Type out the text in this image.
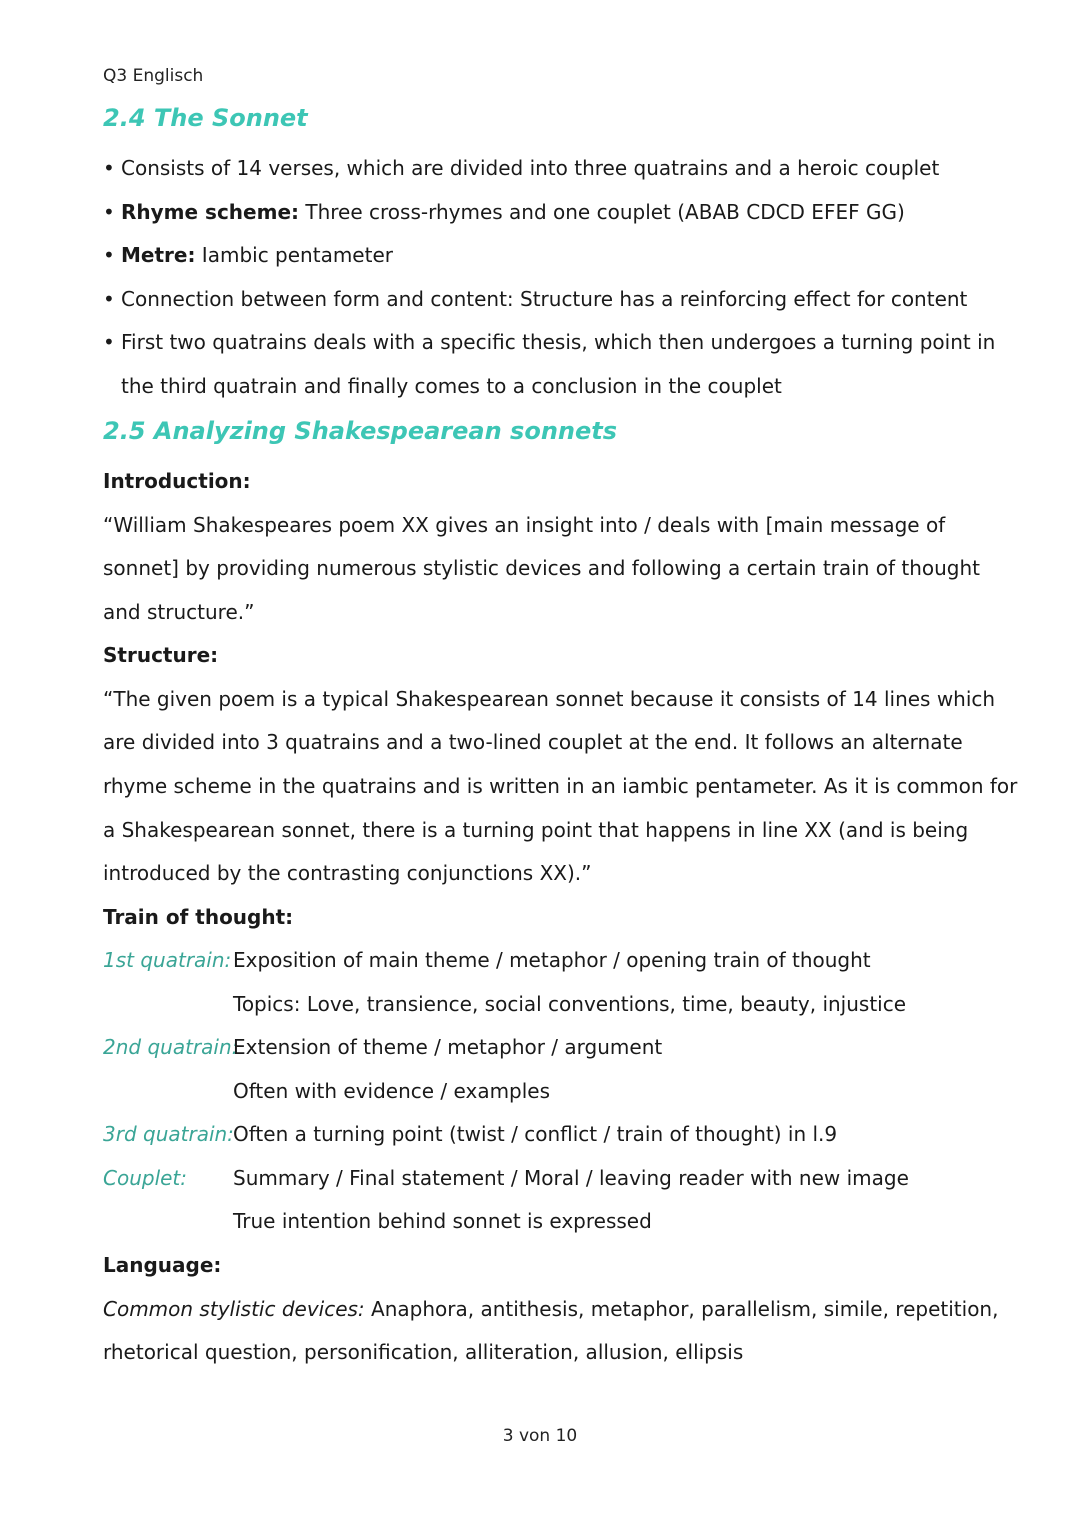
Q3 Englisch
2.4 The Sonnet
• Consists of 14 verses, which are divided into three quatrains and a heroic couplet
• Rhyme scheme: Three cross-rhymes and one couplet (ABAB CDCD EFEF GG)
• Metre: Iambic pentameter
• Connection between form and content: Structure has a reinforcing effect for content
• First two quatrains deals with a specific thesis, which then undergoes a turning point in
the third quatrain and finally comes to a conclusion in the couplet
2.5 Analyzing Shakespearean sonnets
Introduction:
“William Shakespeares poem XX gives an insight into / deals with [main message of
sonnet] by providing numerous stylistic devices and following a certain train of thought
and structure.”
Structure:
“The given poem is a typical Shakespearean sonnet because it consists of 14 lines which
are divided into 3 quatrains and a two-lined couplet at the end. It follows an alternate
rhyme scheme in the quatrains and is written in an iambic pentameter. As it is common for
a Shakespearean sonnet, there is a turning point that happens in line XX (and is being
introduced by the contrasting conjunctions XX).”
Train of thought:
1st quatrain: Exposition of main theme / metaphor / opening train of thought
Topics: Love, transience, social conventions, time, beauty, injustice
2nd quatrain:
Extension of theme / metaphor / argument
Often with evidence / examples
3rd quatrain: Often a turning point (twist / conflict / train of thought) in l.9
Couplet: Summary / Final statement / Moral / leaving reader with new image
True intention behind sonnet is expressed
Language:
Common stylistic devices: Anaphora, antithesis, metaphor, parallelism, simile, repetition,
rhetorical question, personification, alliteration, allusion, ellipsis
3 von 10
